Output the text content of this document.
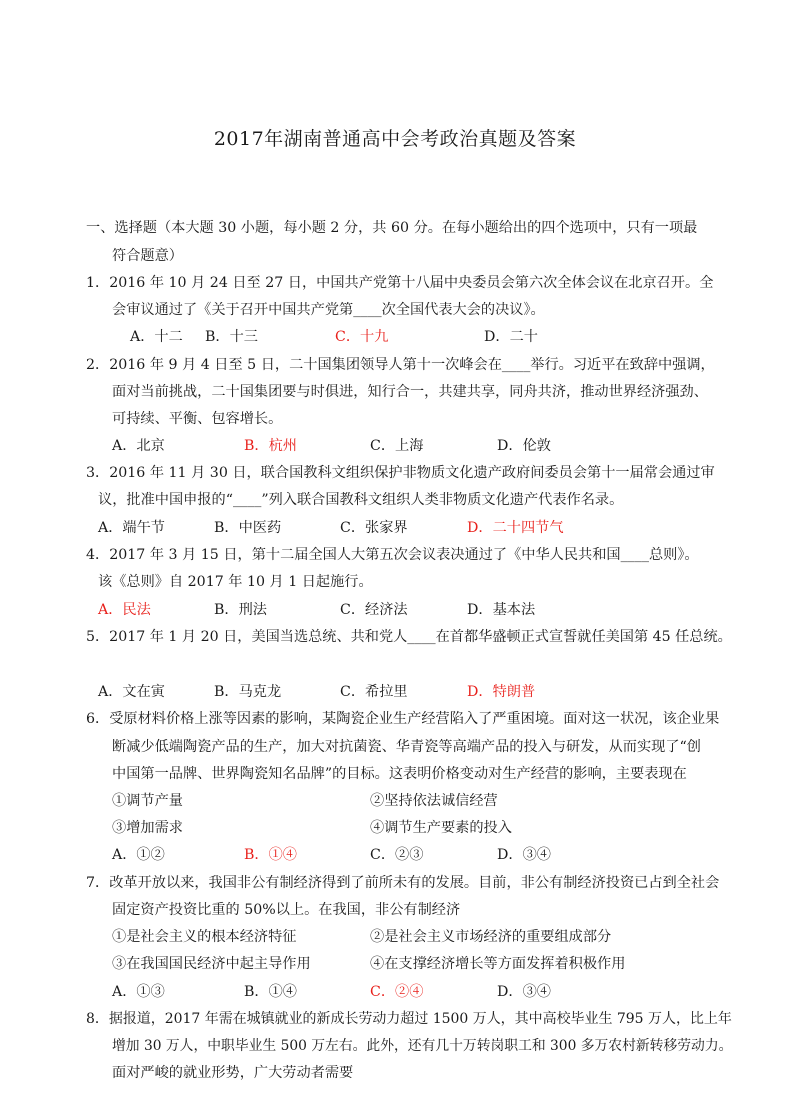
2017年湖南普通高中会考政治真题及答案
一、选择题（本大题 30 小题，每小题 2 分，共 60 分。在每小题给出的四个选项中，只有一项最
符合题意）
1．2016 年 10 月 24 日至 27 日，中国共产党第十八届中央委员会第六次全体会议在北京召开。全
会审议通过了《关于召开中国共产党第____次全国代表大会的决议》。
A．十二 B．十三	C．十九	D．二十
2．2016 年 9 月 4 日至 5 日，二十国集团领导人第十一次峰会在____举行。习近平在致辞中强调，
面对当前挑战，二十国集团要与时俱进，知行合一，共建共享，同舟共济，推动世界经济强劲、
可持续、平衡、包容增长。
A．北京	B．杭州	C．上海	D．伦敦
3．2016 年 11 月 30 日，联合国教科文组织保护非物质文化遗产政府间委员会第十一届常会通过审
议，批准中国申报的“____”列入联合国教科文组织人类非物质文化遗产代表作名录。
A．端午节	B．中医药	C．张家界	D．二十四节气
4．2017 年 3 月 15 日，第十二届全国人大第五次会议表决通过了《中华人民共和国____总则》。
该《总则》自 2017 年 10 月 1 日起施行。
A．民法	B．刑法	C．经济法	D．基本法
5．2017 年 1 月 20 日，美国当选总统、共和党人____在首都华盛顿正式宣誓就任美国第 45 任总统。
A．文在寅	B．马克龙	C．希拉里	D．特朗普
6．受原材料价格上涨等因素的影响，某陶瓷企业生产经营陷入了严重困境。面对这一状况，该企业果
断减少低端陶瓷产品的生产，加大对抗菌瓷、华青瓷等高端产品的投入与研发，从而实现了“创
中国第一品牌、世界陶瓷知名品牌”的目标。这表明价格变动对生产经营的影响，主要表现在
①调节产量	②坚持依法诚信经营
③增加需求	④调节生产要素的投入
A．①②	B．①④	C．②③	D．③④
7．改革开放以来，我国非公有制经济得到了前所未有的发展。目前，非公有制经济投资已占到全社会
固定资产投资比重的 50%以上。在我国，非公有制经济
①是社会主义的根本经济特征	②是社会主义市场经济的重要组成部分
③在我国国民经济中起主导作用	④在支撑经济增长等方面发挥着积极作用
A．①③	B．①④	C．②④	D．③④
8．据报道，2017 年需在城镇就业的新成长劳动力超过 1500 万人，其中高校毕业生 795 万人，比上年
增加 30 万人，中职毕业生 500 万左右。此外，还有几十万转岗职工和 300 多万农村新转移劳动力。
面对严峻的就业形势，广大劳动者需要
